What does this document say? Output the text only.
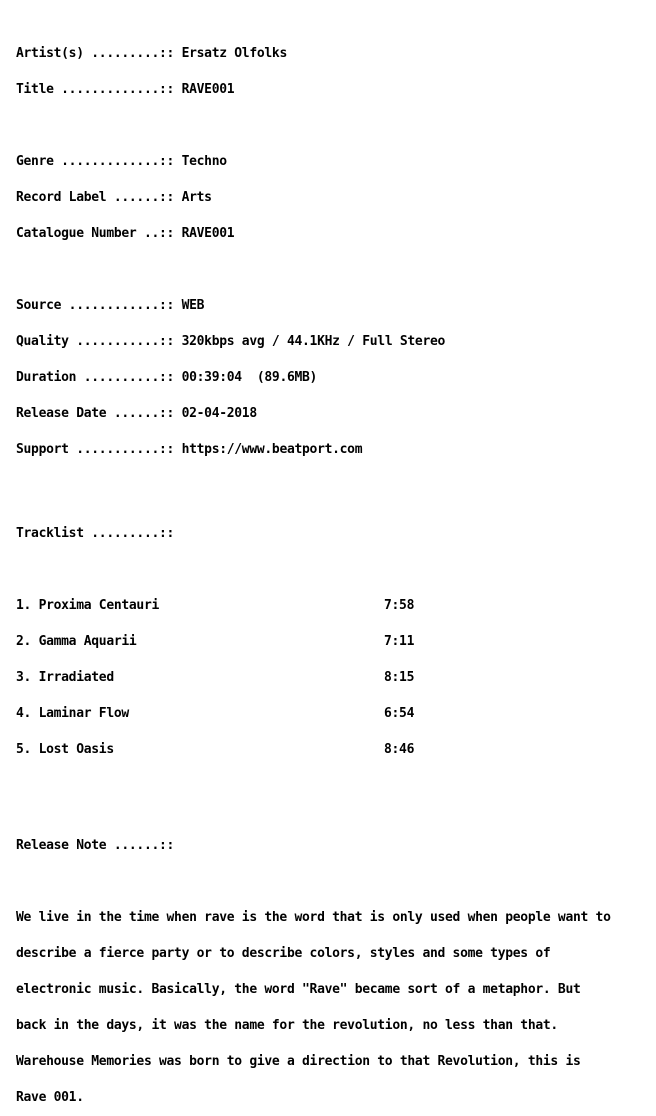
Artist(s) .........:: Ersatz Olfolks

Title .............:: RAVE001

Genre .............:: Techno

Record Label ......:: Arts

Catalogue Number ..:: RAVE001

Source ............:: WEB

Quality ...........:: 320kbps avg / 44.1KHz / Full Stereo

Duration ..........:: 00:39:04  (89.6MB)

Release Date ......:: 02-04-2018

Support ...........:: https://www.beatport.com

Tracklist .........::

1. Proxima Centauri	7:58

2. Gamma Aquarii	7:11

3. Irradiated	8:15

4. Laminar Flow	6:54

5. Lost Oasis	8:46

Release Note ......::

We live in the time when rave is the word that is only used when people want to

describe a fierce party or to describe colors, styles and some types of

electronic music. Basically, the word "Rave" became sort of a metaphor. But

back in the days, it was the name for the revolution, no less than that.

Warehouse Memories was born to give a direction to that Revolution, this is

Rave 001.
